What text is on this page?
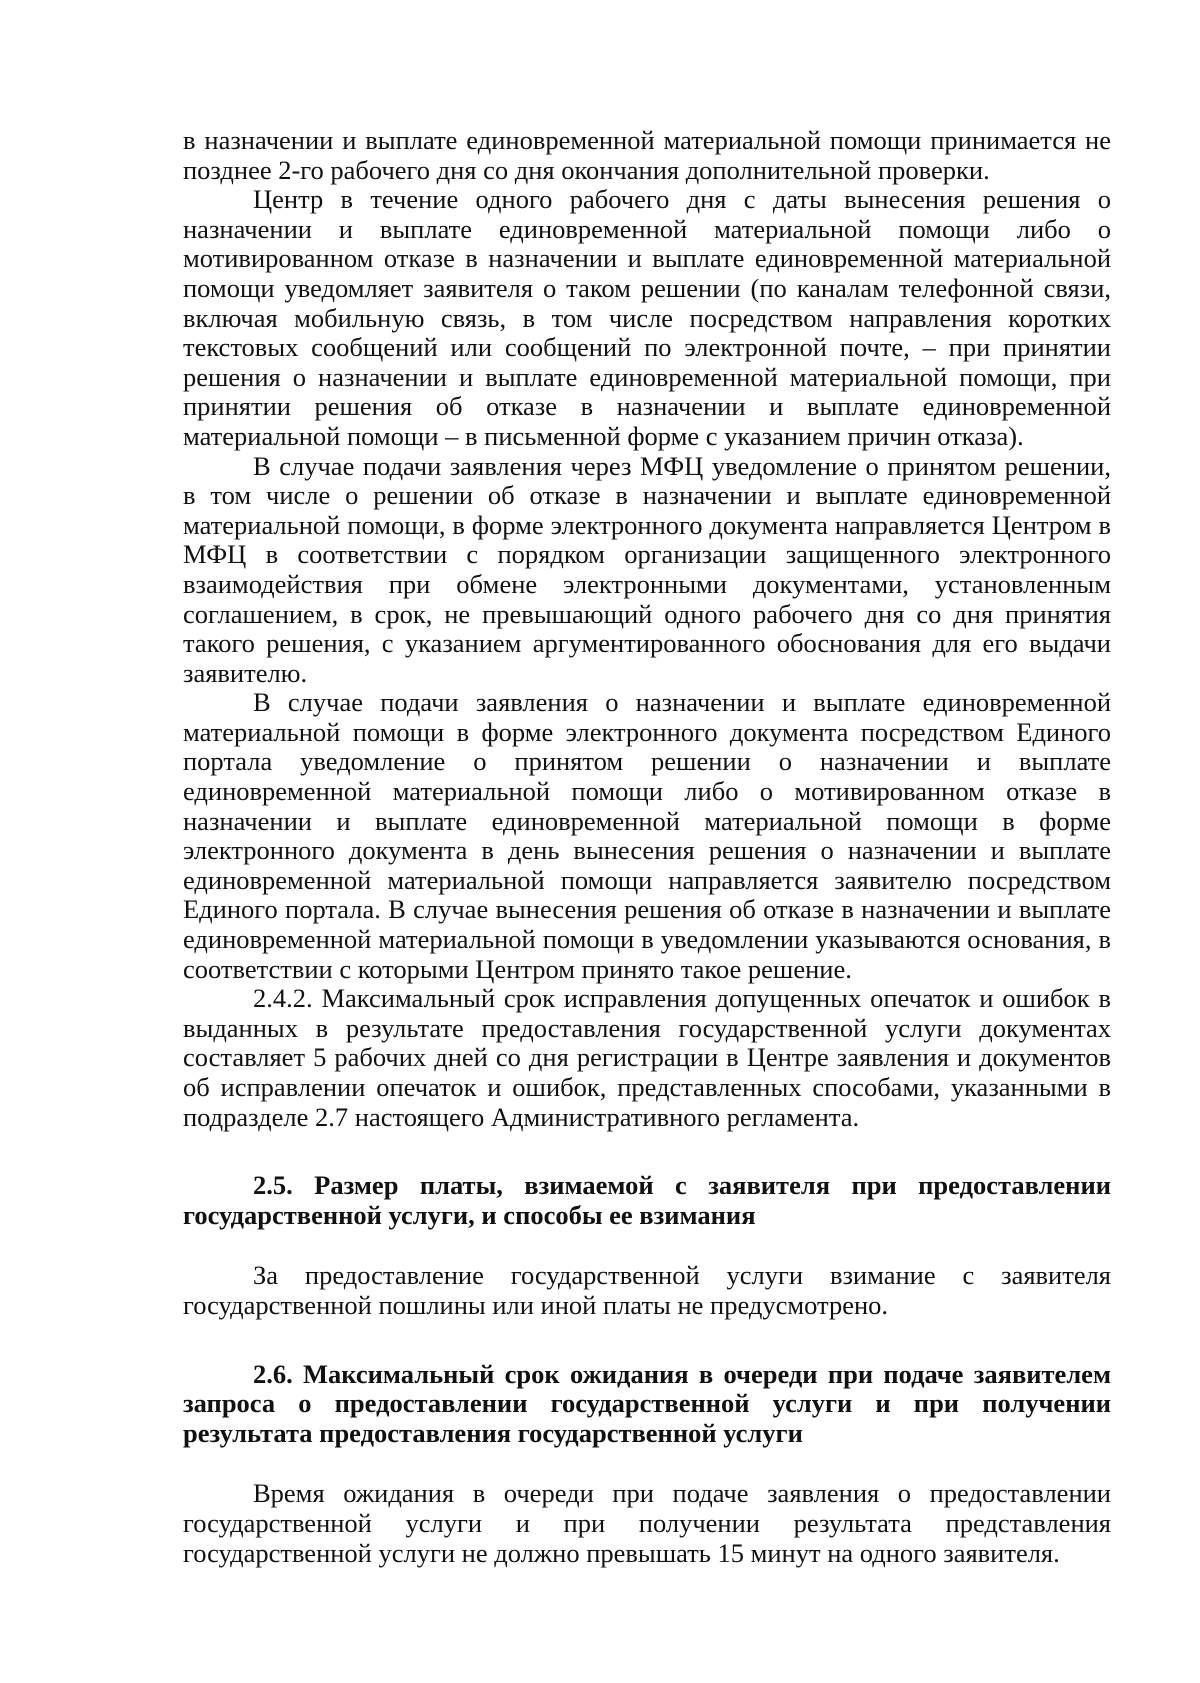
в назначении и выплате единовременной материальной помощи принимается не позднее 2-го рабочего дня со дня окончания дополнительной проверки.

Центр в течение одного рабочего дня с даты вынесения решения о назначении и выплате единовременной материальной помощи либо о мотивированном отказе в назначении и выплате единовременной материальной помощи уведомляет заявителя о таком решении (по каналам телефонной связи, включая мобильную связь, в том числе посредством направления коротких текстовых сообщений или сообщений по электронной почте, – при принятии решения о назначении и выплате единовременной материальной помощи, при принятии решения об отказе в назначении и выплате единовременной материальной помощи – в письменной форме с указанием причин отказа).

В случае подачи заявления через МФЦ уведомление о принятом решении, в том числе о решении об отказе в назначении и выплате единовременной материальной помощи, в форме электронного документа направляется Центром в МФЦ в соответствии с порядком организации защищенного электронного взаимодействия при обмене электронными документами, установленным соглашением, в срок, не превышающий одного рабочего дня со дня принятия такого решения, с указанием аргументированного обоснования для его выдачи заявителю.

В случае подачи заявления о назначении и выплате единовременной материальной помощи в форме электронного документа посредством Единого портала уведомление о принятом решении о назначении и выплате единовременной материальной помощи либо о мотивированном отказе в назначении и выплате единовременной материальной помощи в форме электронного документа в день вынесения решения о назначении и выплате единовременной материальной помощи направляется заявителю посредством Единого портала. В случае вынесения решения об отказе в назначении и выплате единовременной материальной помощи в уведомлении указываются основания, в соответствии с которыми Центром принято такое решение.

2.4.2. Максимальный срок исправления допущенных опечаток и ошибок в выданных в результате предоставления государственной услуги документах составляет 5 рабочих дней со дня регистрации в Центре заявления и документов об исправлении опечаток и ошибок, представленных способами, указанными в подразделе 2.7 настоящего Административного регламента.

2.5. Размер платы, взимаемой с заявителя при предоставлении государственной услуги, и способы ее взимания

За предоставление государственной услуги взимание с заявителя государственной пошлины или иной платы не предусмотрено.

2.6. Максимальный срок ожидания в очереди при подаче заявителем запроса о предоставлении государственной услуги и при получении результата предоставления государственной услуги

Время ожидания в очереди при подаче заявления о предоставлении государственной услуги и при получении результата представления государственной услуги не должно превышать 15 минут на одного заявителя.
